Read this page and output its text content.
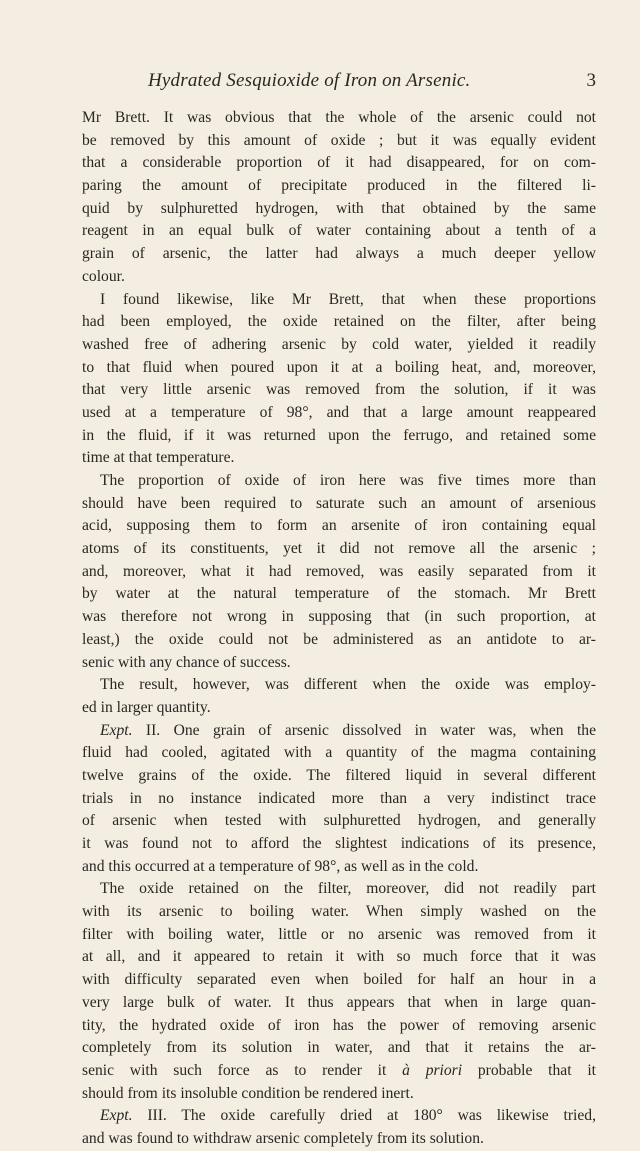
Hydrated Sesquioxide of Iron on Arsenic.	3
Mr Brett. It was obvious that the whole of the arsenic could not
be removed by this amount of oxide ; but it was equally evident
that a considerable proportion of it had disappeared, for on com-
paring the amount of precipitate produced in the filtered li-
quid by sulphuretted hydrogen, with that obtained by the same
reagent in an equal bulk of water containing about a tenth of a
grain of arsenic, the latter had always a much deeper yellow
colour.
I found likewise, like Mr Brett, that when these proportions
had been employed, the oxide retained on the filter, after being
washed free of adhering arsenic by cold water, yielded it readily
to that fluid when poured upon it at a boiling heat, and, moreover,
that very little arsenic was removed from the solution, if it was
used at a temperature of 98°, and that a large amount reappeared
in the fluid, if it was returned upon the ferrugo, and retained some
time at that temperature.
The proportion of oxide of iron here was five times more than
should have been required to saturate such an amount of arsenious
acid, supposing them to form an arsenite of iron containing equal
atoms of its constituents, yet it did not remove all the arsenic ;
and, moreover, what it had removed, was easily separated from it
by water at the natural temperature of the stomach. Mr Brett
was therefore not wrong in supposing that (in such proportion, at
least,) the oxide could not be administered as an antidote to ar-
senic with any chance of success.
The result, however, was different when the oxide was employ-
ed in larger quantity.
Expt. II. One grain of arsenic dissolved in water was, when the
fluid had cooled, agitated with a quantity of the magma containing
twelve grains of the oxide. The filtered liquid in several different
trials in no instance indicated more than a very indistinct trace
of arsenic when tested with sulphuretted hydrogen, and generally
it was found not to afford the slightest indications of its presence,
and this occurred at a temperature of 98°, as well as in the cold.
The oxide retained on the filter, moreover, did not readily part
with its arsenic to boiling water. When simply washed on the
filter with boiling water, little or no arsenic was removed from it
at all, and it appeared to retain it with so much force that it was
with difficulty separated even when boiled for half an hour in a
very large bulk of water. It thus appears that when in large quan-
tity, the hydrated oxide of iron has the power of removing arsenic
completely from its solution in water, and that it retains the ar-
senic with such force as to render it à priori probable that it
should from its insoluble condition be rendered inert.
Expt. III. The oxide carefully dried at 180° was likewise tried,
and was found to withdraw arsenic completely from its solution.
